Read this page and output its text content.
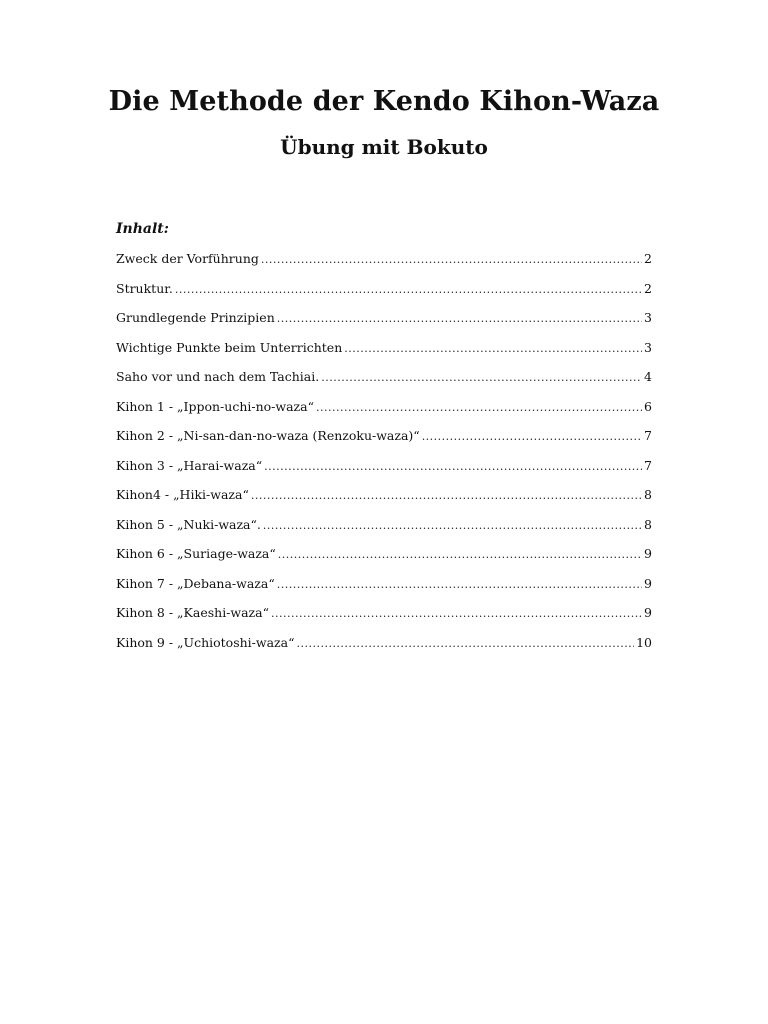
Die Methode der Kendo Kihon-Waza
Übung mit Bokuto
Inhalt:
Zweck der Vorführung .....	2
Struktur. .....	2
Grundlegende Prinzipien .....	3
Wichtige Punkte beim Unterrichten .....	3
Saho vor und nach dem Tachiai. .....	4
Kihon 1 - „Ippon-uchi-no-waza“ .....	6
Kihon 2 - „Ni-san-dan-no-waza (Renzoku-waza)“ .....	7
Kihon 3 - „Harai-waza“ .....	7
Kihon4 - „Hiki-waza“ .....	8
Kihon 5 - „Nuki-waza“. .....	8
Kihon 6 - „Suriage-waza“ .....	9
Kihon 7 - „Debana-waza“ .....	9
Kihon 8 - „Kaeshi-waza“ .....	9
Kihon 9 - „Uchiotoshi-waza“ .....	10
